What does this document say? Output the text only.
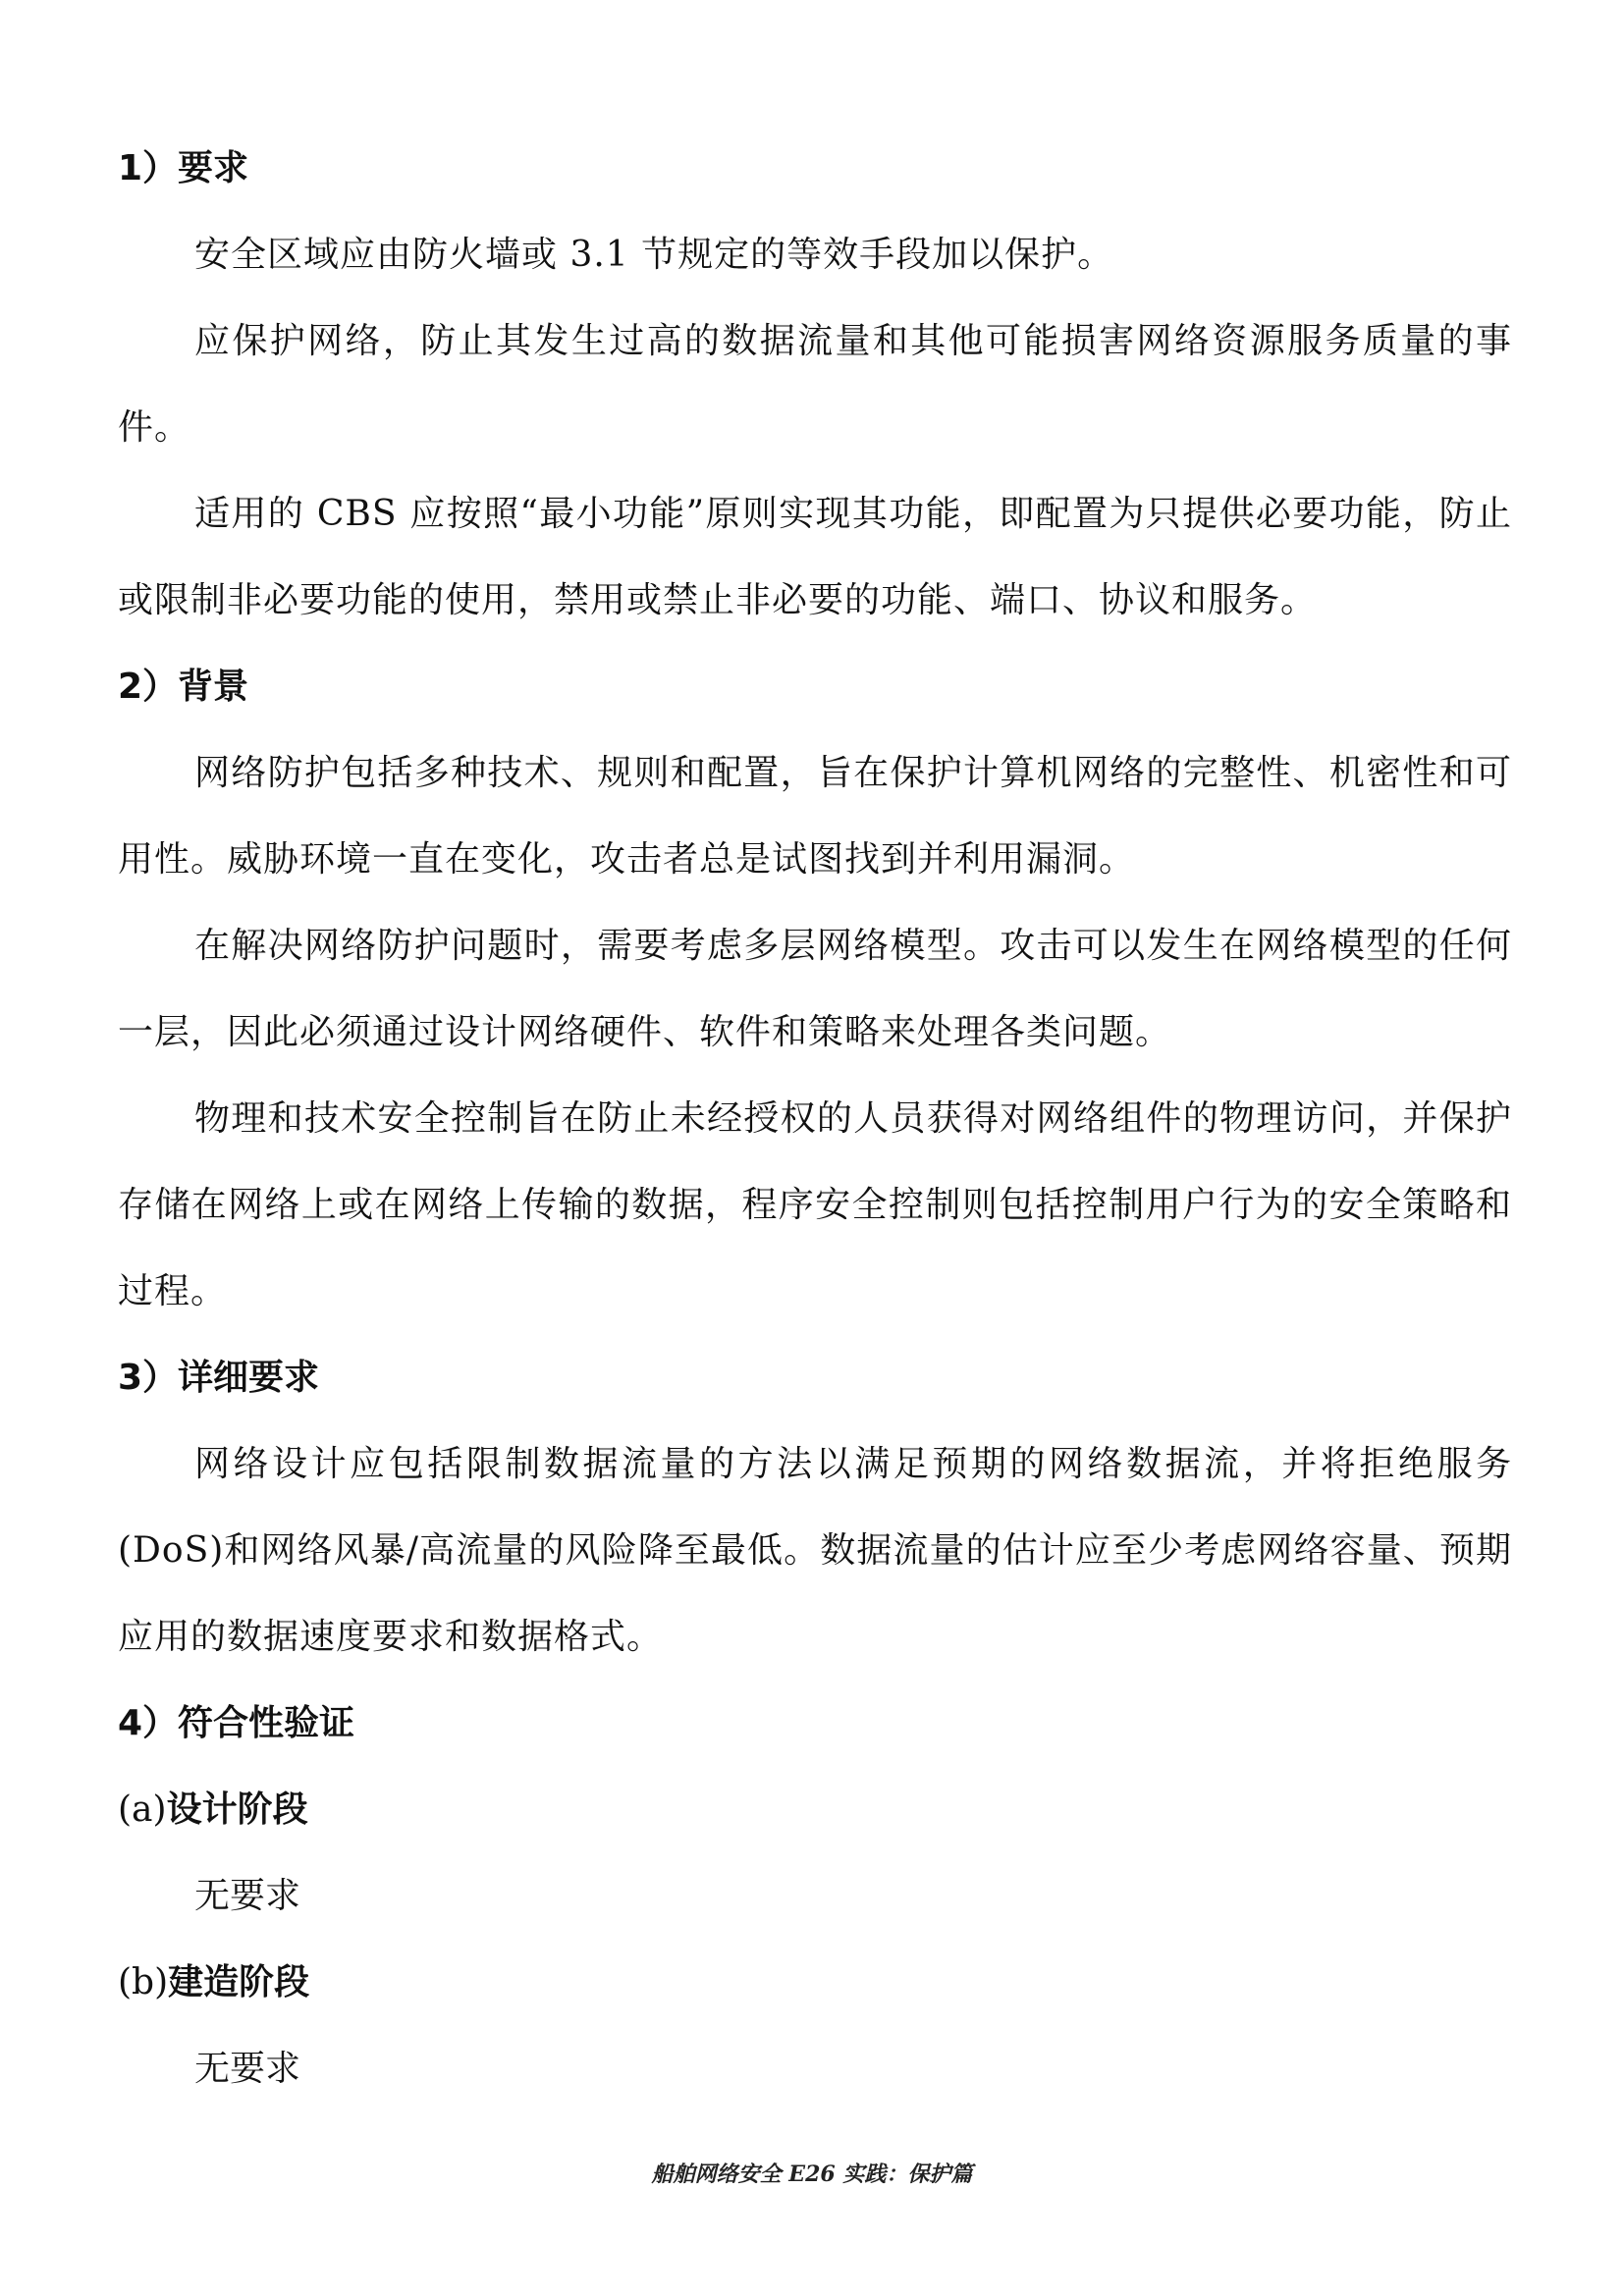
1）要求

安全区域应由防火墙或 3.1 节规定的等效手段加以保护。

应保护网络，防止其发生过高的数据流量和其他可能损害网络资源服务质量的事件。

适用的 CBS 应按照“最小功能”原则实现其功能，即配置为只提供必要功能，防止或限制非必要功能的使用，禁用或禁止非必要的功能、端口、协议和服务。

2）背景

网络防护包括多种技术、规则和配置，旨在保护计算机网络的完整性、机密性和可用性。威胁环境一直在变化，攻击者总是试图找到并利用漏洞。

在解决网络防护问题时，需要考虑多层网络模型。攻击可以发生在网络模型的任何一层，因此必须通过设计网络硬件、软件和策略来处理各类问题。

物理和技术安全控制旨在防止未经授权的人员获得对网络组件的物理访问，并保护存储在网络上或在网络上传输的数据，程序安全控制则包括控制用户行为的安全策略和过程。

3）详细要求

网络设计应包括限制数据流量的方法以满足预期的网络数据流，并将拒绝服务(DoS)和网络风暴/高流量的风险降至最低。数据流量的估计应至少考虑网络容量、预期应用的数据速度要求和数据格式。

4）符合性验证
(a)设计阶段
无要求
(b)建造阶段
无要求
船舶网络安全 E26 实践：保护篇
